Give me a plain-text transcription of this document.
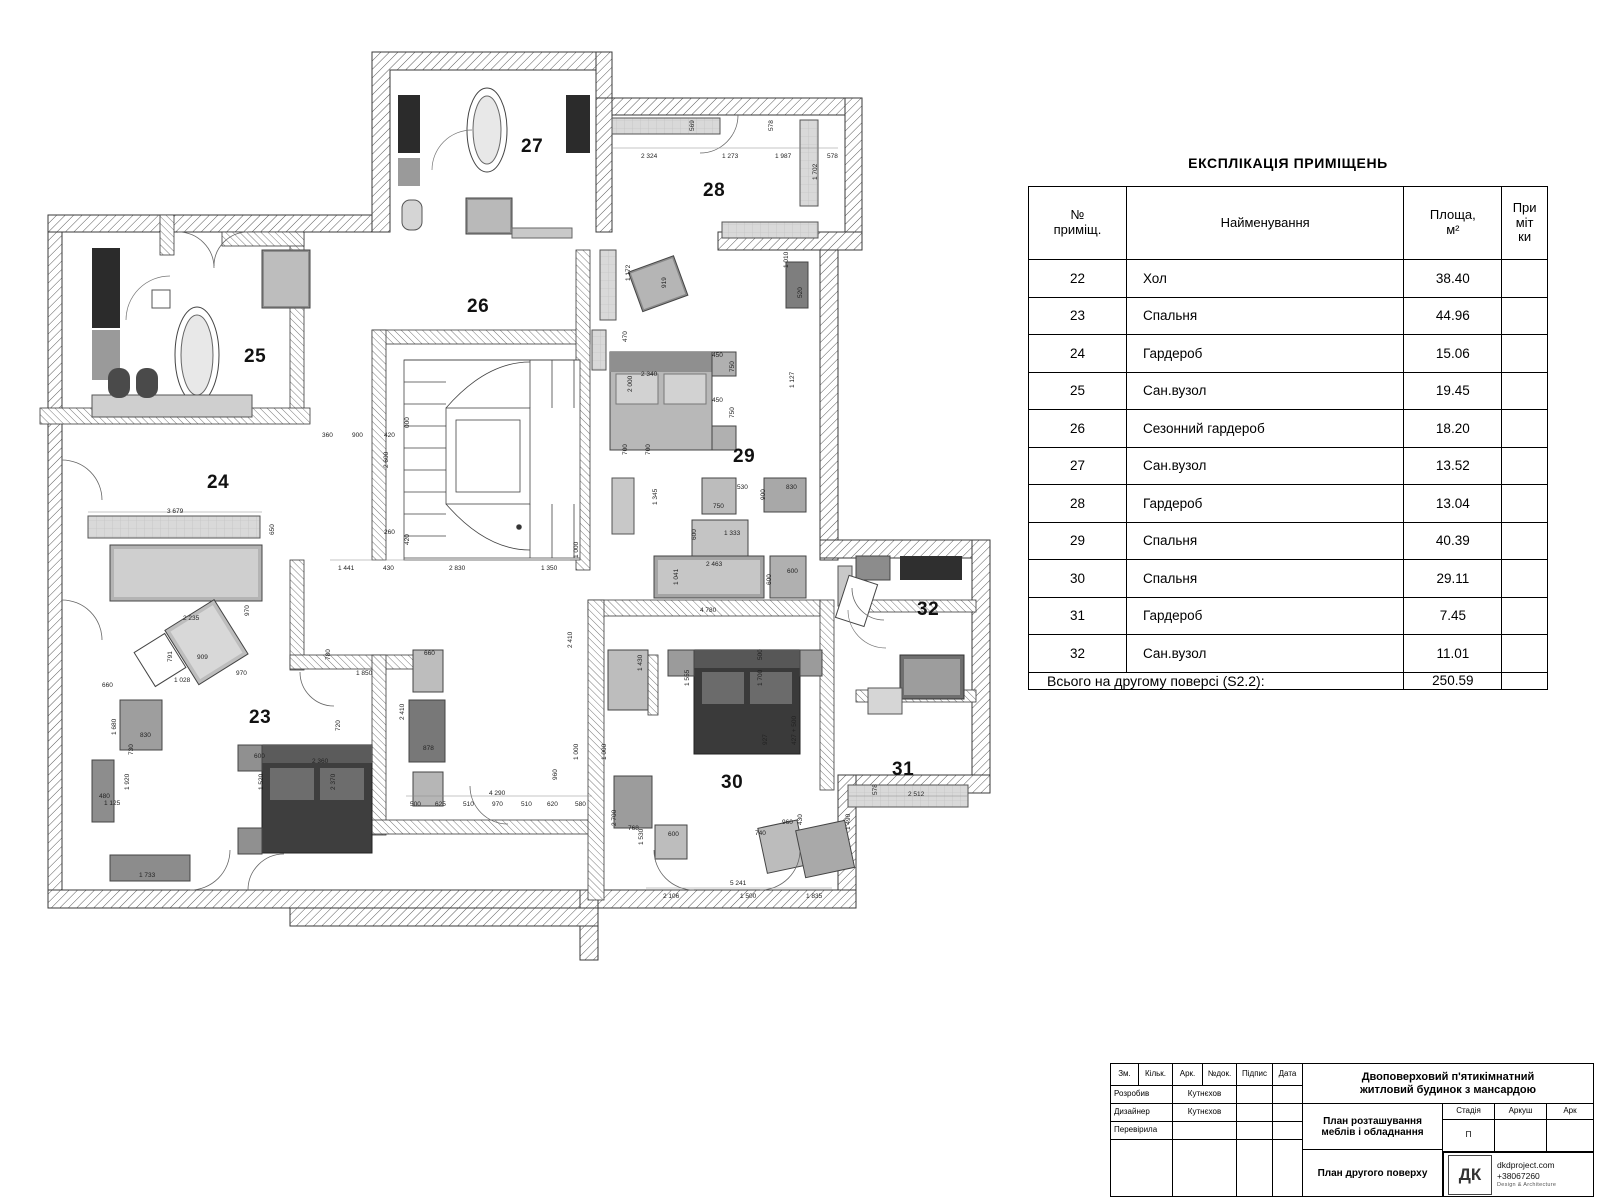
25
24
23
26
27
28
29
30
31
32
2 324	1 273	1 987	578
569	578
1 702
1 010
520
1 127
1 172
919
470
450
750
2 340
2 000
450
750
700 700
360	900	420
000
2 600
260
420
1 441	430	2 830	1 350
1 000
530	830
750
900
1 333
600
1 345
2 463
600
600
1 041
4 780
660
780
1 850
2 410
1 430
500
1 555	1 700
2 410
878
720
600
2 360
2 370
1 520
830
730
1 680
480
1 125
1 920
660
970
1 028
791	909
970
2 235
3 679
650
1 733
500 625	510	970	510 620	580
4 290
960
1 000	1 000
2 700
768
1 530	600	740
960 430	1 490
578	2 512
927	427 + 500
2 106
5 241
1 500	1 835
ЕКСПЛІКАЦІЯ ПРИМІЩЕНЬ
№
приміщ.	Найменування	Площа,
м²

При
міт
ки

22	Хол	38.40	
23	Спальня	44.96	
24	Гардероб	15.06	
25	Сан.вузол	19.45	
26	Сезонний гардероб	18.20	
27	Сан.вузол	13.52	
28	Гардероб	13.04	
29	Спальня	40.39	
30	Спальня	29.11	
31	Гардероб	7.45	
32	Сан.вузол	11.01	
Всього на другому поверсі (S2.2):		250.59	
Зм.	Кільк.	Арк.	№док.	Підпис	Дата
Розробив	Кутнєхов
Дизайнер	Кутнєхов
Перевірила
Двоповерховий п'ятикімнатний
житловий будинок з мансардою
План розташування
меблів і обладнання
План другого поверху
Стадія	Аркуш	Арк
П
ДК	dkdproject.com
+38067260
Design & Architecture
